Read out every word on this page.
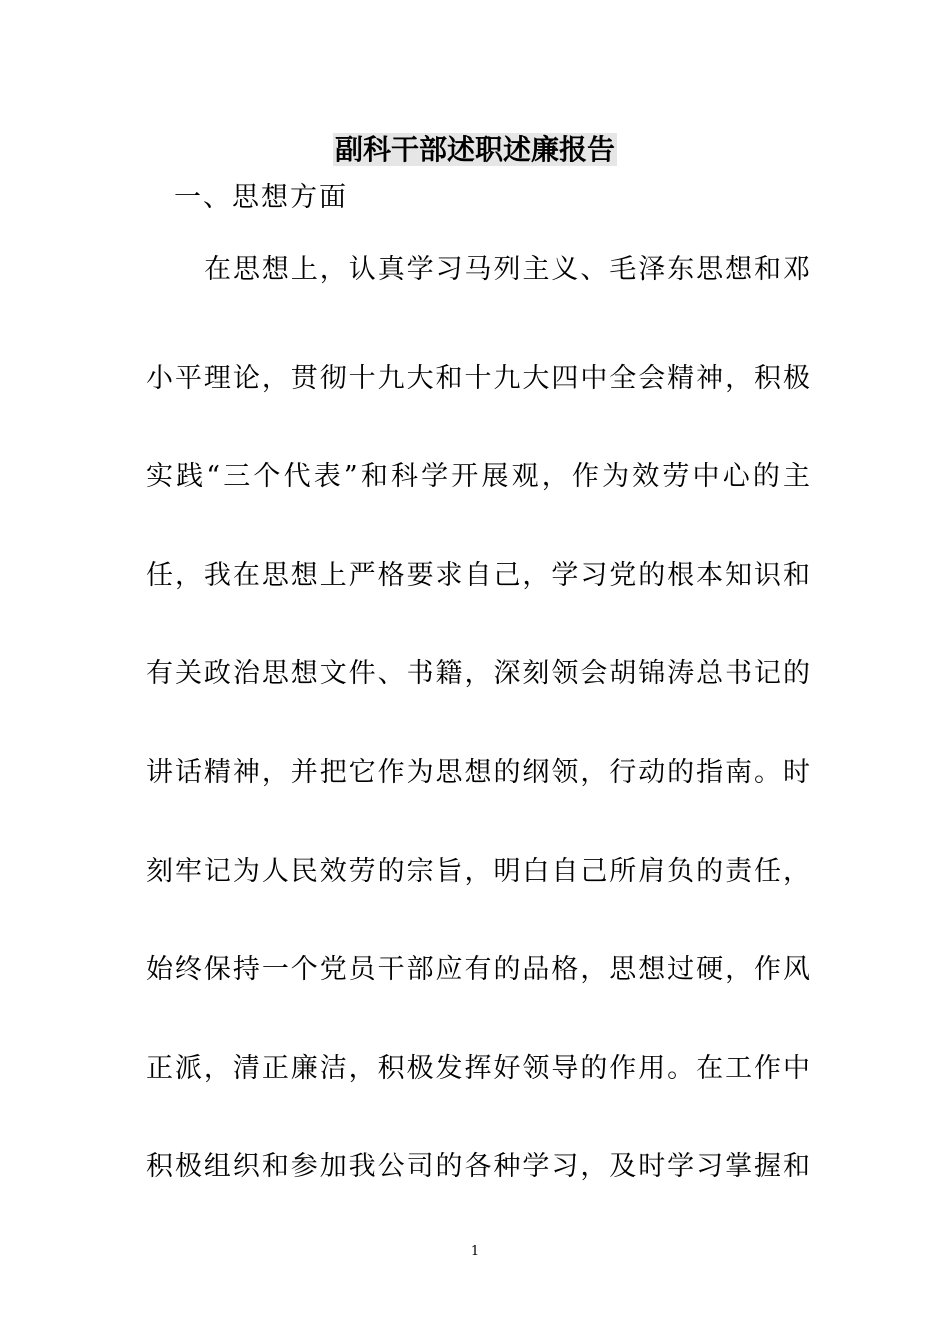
副科干部述职述廉报告
一、思想方面
在思想上，认真学习马列主义、毛泽东思想和邓
小平理论，贯彻十九大和十九大四中全会精神，积极
实践“三个代表”和科学开展观，作为效劳中心的主
任，我在思想上严格要求自己，学习党的根本知识和
有关政治思想文件、书籍，深刻领会胡锦涛总书记的
讲话精神，并把它作为思想的纲领，行动的指南。时
刻牢记为人民效劳的宗旨，明白自己所肩负的责任，
始终保持一个党员干部应有的品格，思想过硬，作风
正派，清正廉洁，积极发挥好领导的作用。在工作中
积极组织和参加我公司的各种学习，及时学习掌握和
1
